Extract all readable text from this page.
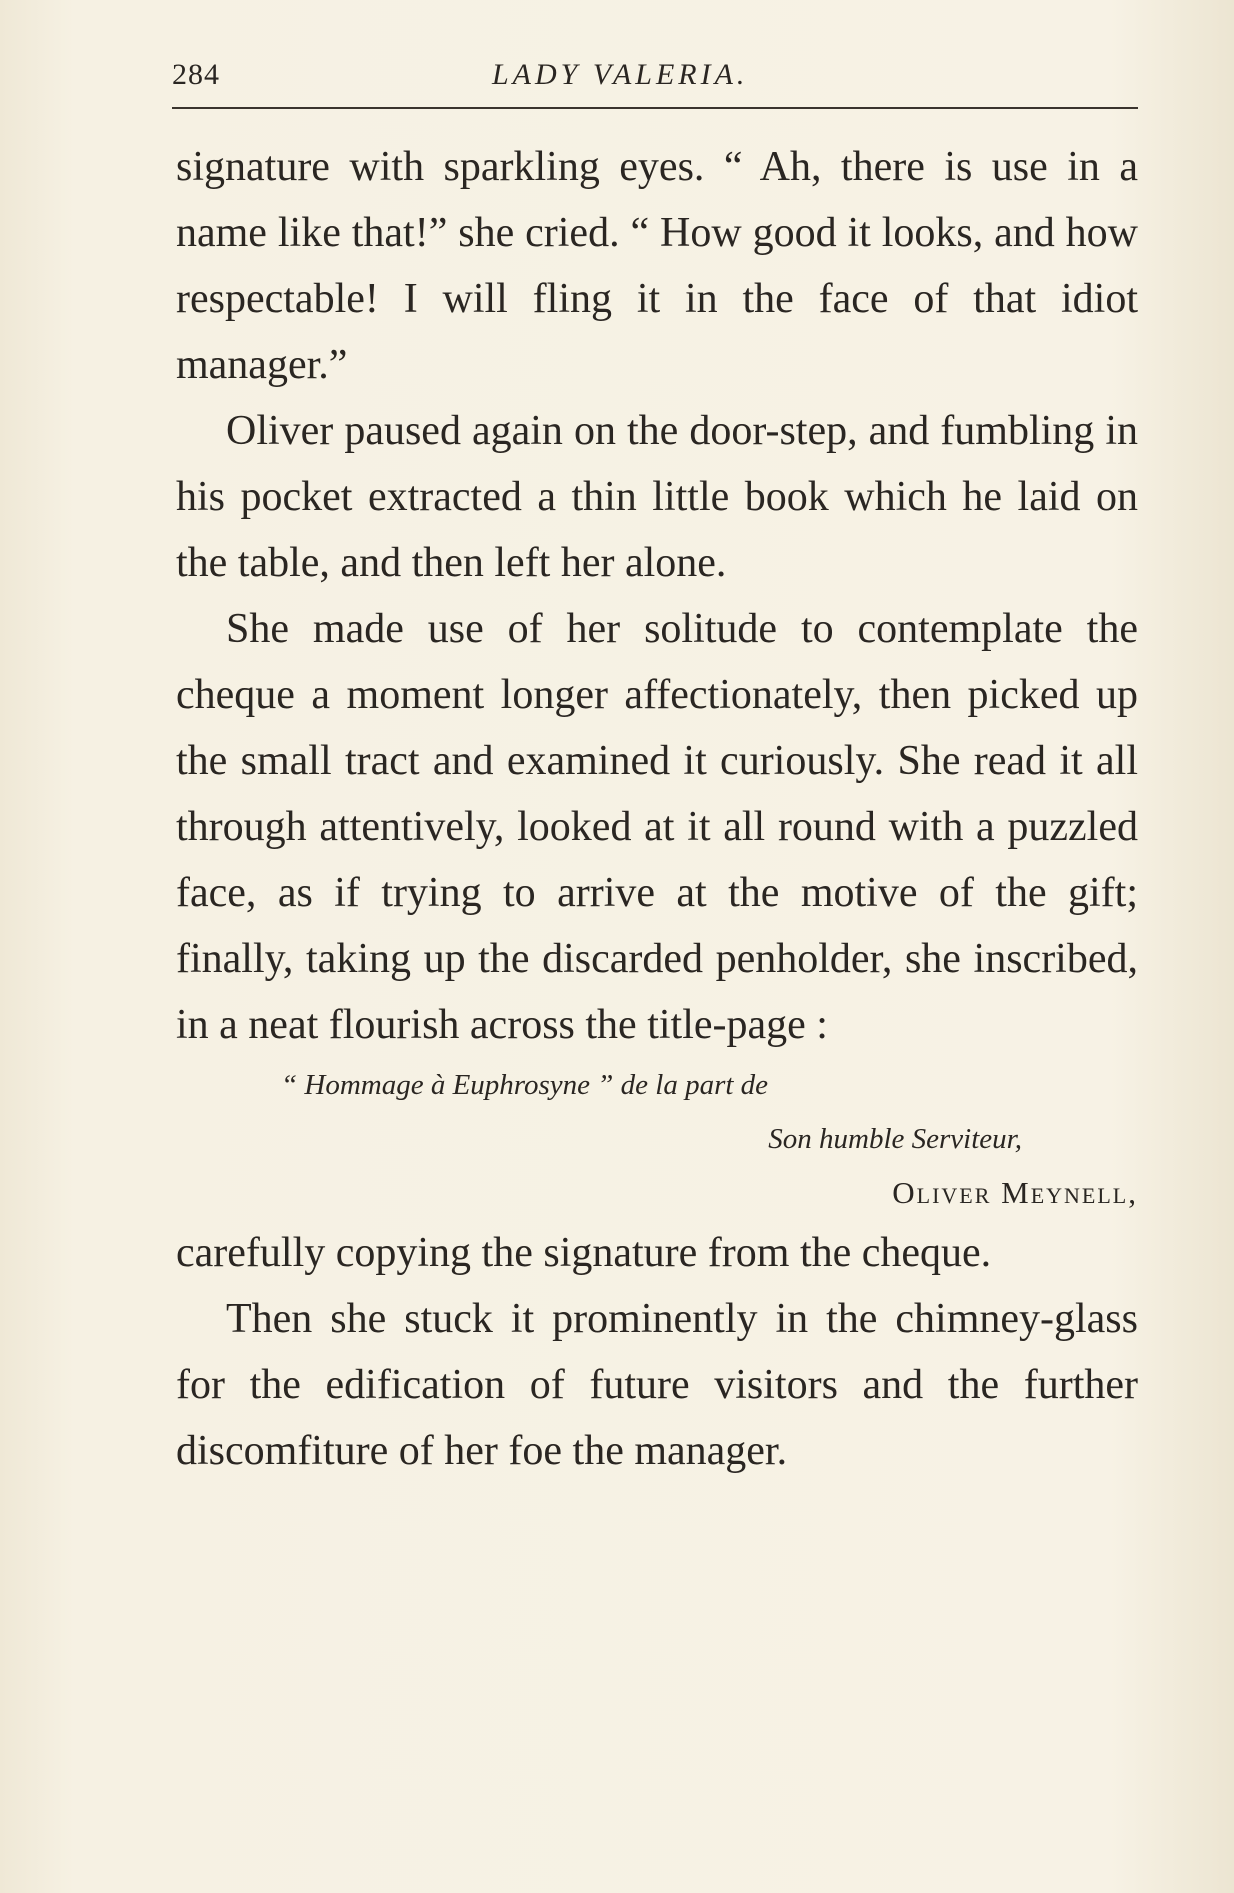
284	LADY VALERIA.

signature with sparkling eyes. “ Ah, there is use in a name like that!” she cried. “ How good it looks, and how respectable! I will fling it in the face of that idiot manager.”

Oliver paused again on the door-step, and fumbling in his pocket extracted a thin little book which he laid on the table, and then left her alone.

She made use of her solitude to contemplate the cheque a moment longer affectionately, then picked up the small tract and examined it curiously. She read it all through attentively, looked at it all round with a puzzled face, as if trying to arrive at the motive of the gift; finally, taking up the discarded penholder, she inscribed, in a neat flourish across the title-page :

“ Hommage à Euphrosyne ” de la part de

Son humble Serviteur,

Oliver Meynell,

carefully copying the signature from the cheque.

Then she stuck it prominently in the chimney-glass for the edification of future visitors and the further discomfiture of her foe the manager.
